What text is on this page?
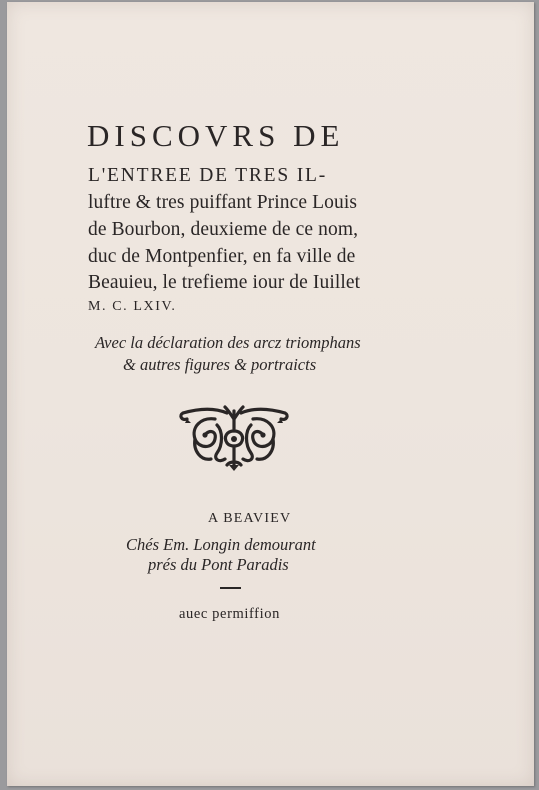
DISCOVRS DE
L'ENTREE DE TRES IL-
luftre & tres puiffant Prince Louis
de Bourbon, deuxieme de ce nom,
duc de Montpenfier, en fa ville de
Beauieu, le trefieme iour de Iuillet
M. C. LXIV.
Avec la déclaration des arcz triomphans
& autres figures & portraicts
A BEAVIEV
Chés Em. Longin demourant
prés du Pont Paradis
auec permiffion
